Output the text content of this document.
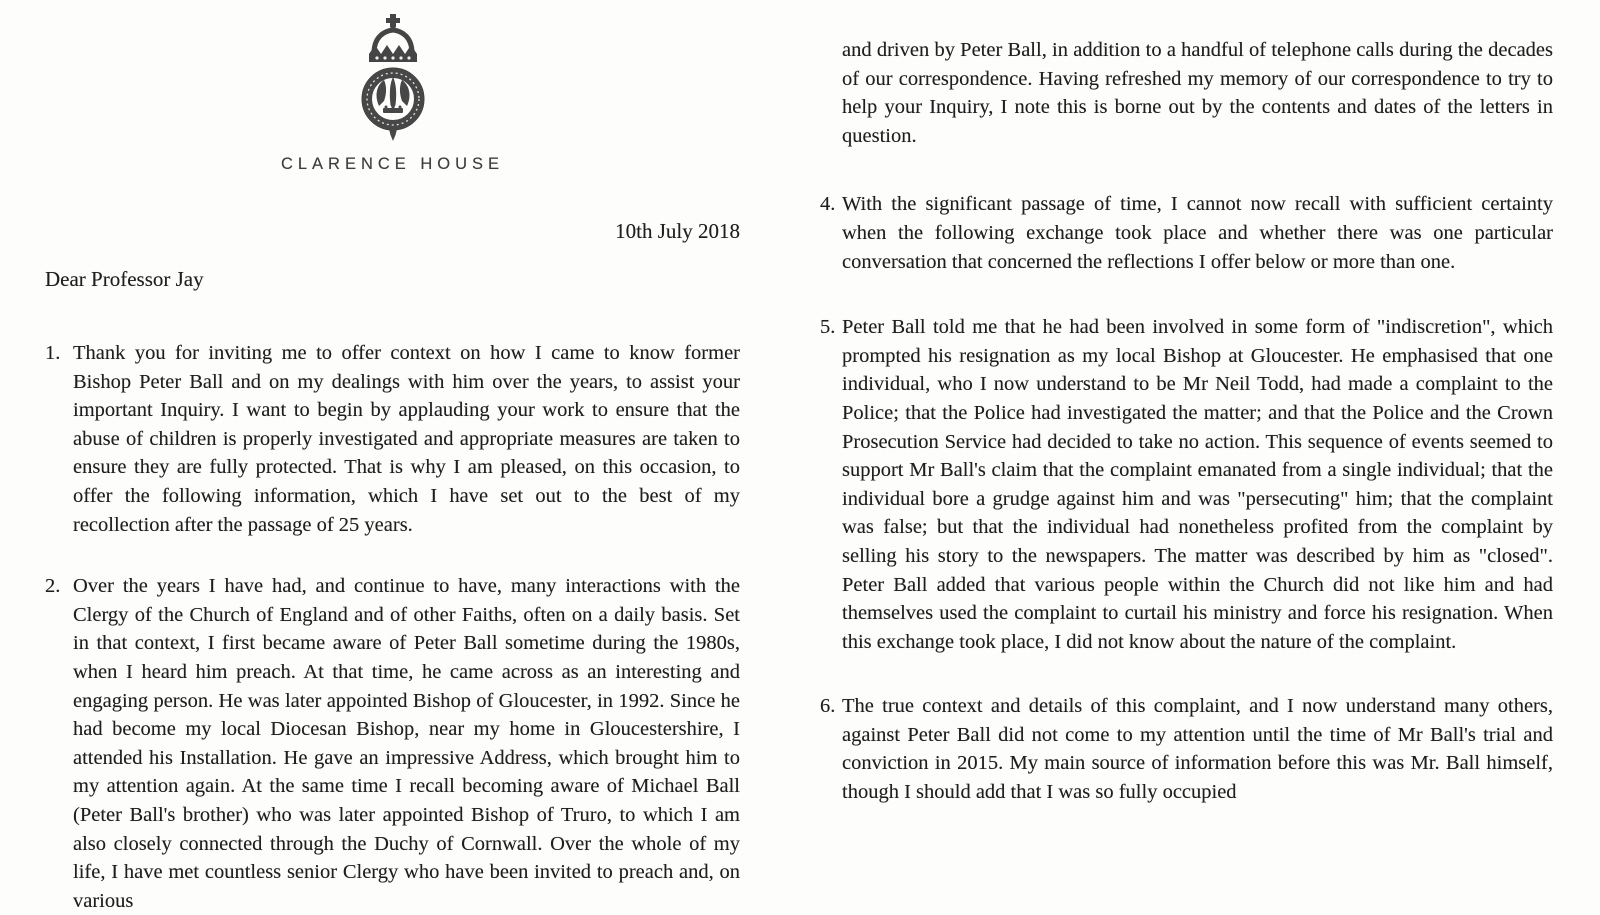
CLARENCE HOUSE
10th July 2018
Dear Professor Jay
1. Thank you for inviting me to offer context on how I came to know former Bishop Peter Ball and on my dealings with him over the years, to assist your important Inquiry. I want to begin by applauding your work to ensure that the abuse of children is properly investigated and appropriate measures are taken to ensure they are fully protected. That is why I am pleased, on this occasion, to offer the following information, which I have set out to the best of my recollection after the passage of 25 years.
2. Over the years I have had, and continue to have, many interactions with the Clergy of the Church of England and of other Faiths, often on a daily basis. Set in that context, I first became aware of Peter Ball sometime during the 1980s, when I heard him preach. At that time, he came across as an interesting and engaging person. He was later appointed Bishop of Gloucester, in 1992. Since he had become my local Diocesan Bishop, near my home in Gloucestershire, I attended his Installation. He gave an impressive Address, which brought him to my attention again. At the same time I recall becoming aware of Michael Ball (Peter Ball's brother) who was later appointed Bishop of Truro, to which I am also closely connected through the Duchy of Cornwall. Over the whole of my life, I have met countless senior Clergy who have been invited to preach and, on various
and driven by Peter Ball, in addition to a handful of telephone calls during the decades of our correspondence. Having refreshed my memory of our correspondence to try to help your Inquiry, I note this is borne out by the contents and dates of the letters in question.
4. With the significant passage of time, I cannot now recall with sufficient certainty when the following exchange took place and whether there was one particular conversation that concerned the reflections I offer below or more than one.
5. Peter Ball told me that he had been involved in some form of "indiscretion", which prompted his resignation as my local Bishop at Gloucester. He emphasised that one individual, who I now understand to be Mr Neil Todd, had made a complaint to the Police; that the Police had investigated the matter; and that the Police and the Crown Prosecution Service had decided to take no action. This sequence of events seemed to support Mr Ball's claim that the complaint emanated from a single individual; that the individual bore a grudge against him and was "persecuting" him; that the complaint was false; but that the individual had nonetheless profited from the complaint by selling his story to the newspapers. The matter was described by him as "closed". Peter Ball added that various people within the Church did not like him and had themselves used the complaint to curtail his ministry and force his resignation. When this exchange took place, I did not know about the nature of the complaint.
6. The true context and details of this complaint, and I now understand many others, against Peter Ball did not come to my attention until the time of Mr Ball's trial and conviction in 2015. My main source of information before this was Mr. Ball himself, though I should add that I was so fully occupied
